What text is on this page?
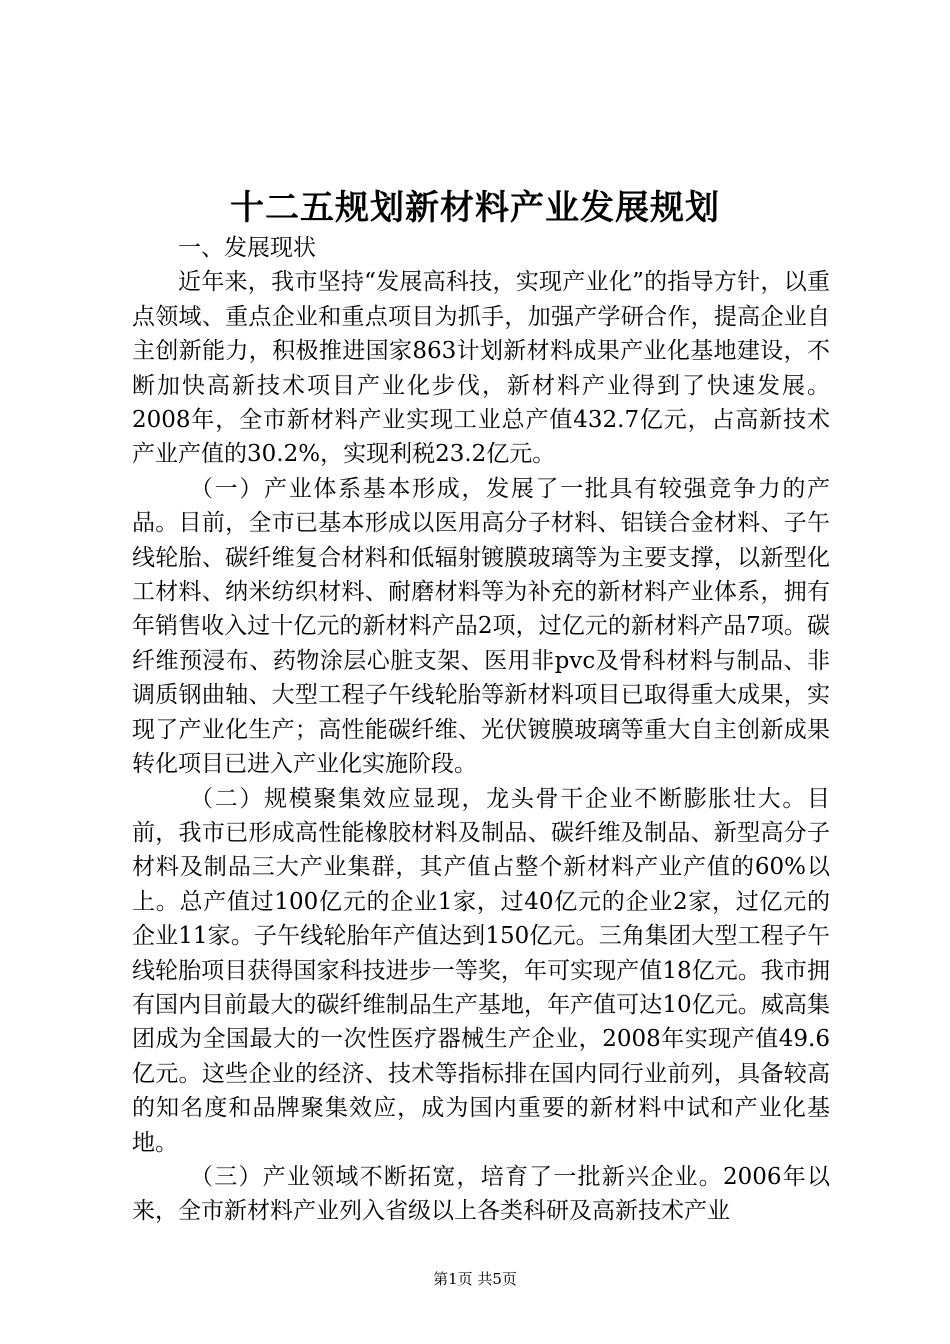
十二五规划新材料产业发展规划

一、发展现状

近年来，我市坚持“发展高科技，实现产业化”的指导方针，以重点领域、重点企业和重点项目为抓手，加强产学研合作，提高企业自主创新能力，积极推进国家863计划新材料成果产业化基地建设，不断加快高新技术项目产业化步伐，新材料产业得到了快速发展。2008年，全市新材料产业实现工业总产值432.7亿元，占高新技术产业产值的30.2%，实现利税23.2亿元。

（一）产业体系基本形成，发展了一批具有较强竞争力的产品。目前，全市已基本形成以医用高分子材料、铝镁合金材料、子午线轮胎、碳纤维复合材料和低辐射镀膜玻璃等为主要支撑，以新型化工材料、纳米纺织材料、耐磨材料等为补充的新材料产业体系，拥有年销售收入过十亿元的新材料产品2项，过亿元的新材料产品7项。碳纤维预浸布、药物涂层心脏支架、医用非pvc及骨科材料与制品、非调质钢曲轴、大型工程子午线轮胎等新材料项目已取得重大成果，实现了产业化生产；高性能碳纤维、光伏镀膜玻璃等重大自主创新成果转化项目已进入产业化实施阶段。

（二）规模聚集效应显现，龙头骨干企业不断膨胀壮大。目前，我市已形成高性能橡胶材料及制品、碳纤维及制品、新型高分子材料及制品三大产业集群，其产值占整个新材料产业产值的60%以上。总产值过100亿元的企业1家，过40亿元的企业2家，过亿元的企业11家。子午线轮胎年产值达到150亿元。三角集团大型工程子午线轮胎项目获得国家科技进步一等奖，年可实现产值18亿元。我市拥有国内目前最大的碳纤维制品生产基地，年产值可达10亿元。威高集团成为全国最大的一次性医疗器械生产企业，2008年实现产值49.6亿元。这些企业的经济、技术等指标排在国内同行业前列，具备较高的知名度和品牌聚集效应，成为国内重要的新材料中试和产业化基地。

（三）产业领域不断拓宽，培育了一批新兴企业。2006年以来，全市新材料产业列入省级以上各类科研及高新技术产业

第1页 共5页
